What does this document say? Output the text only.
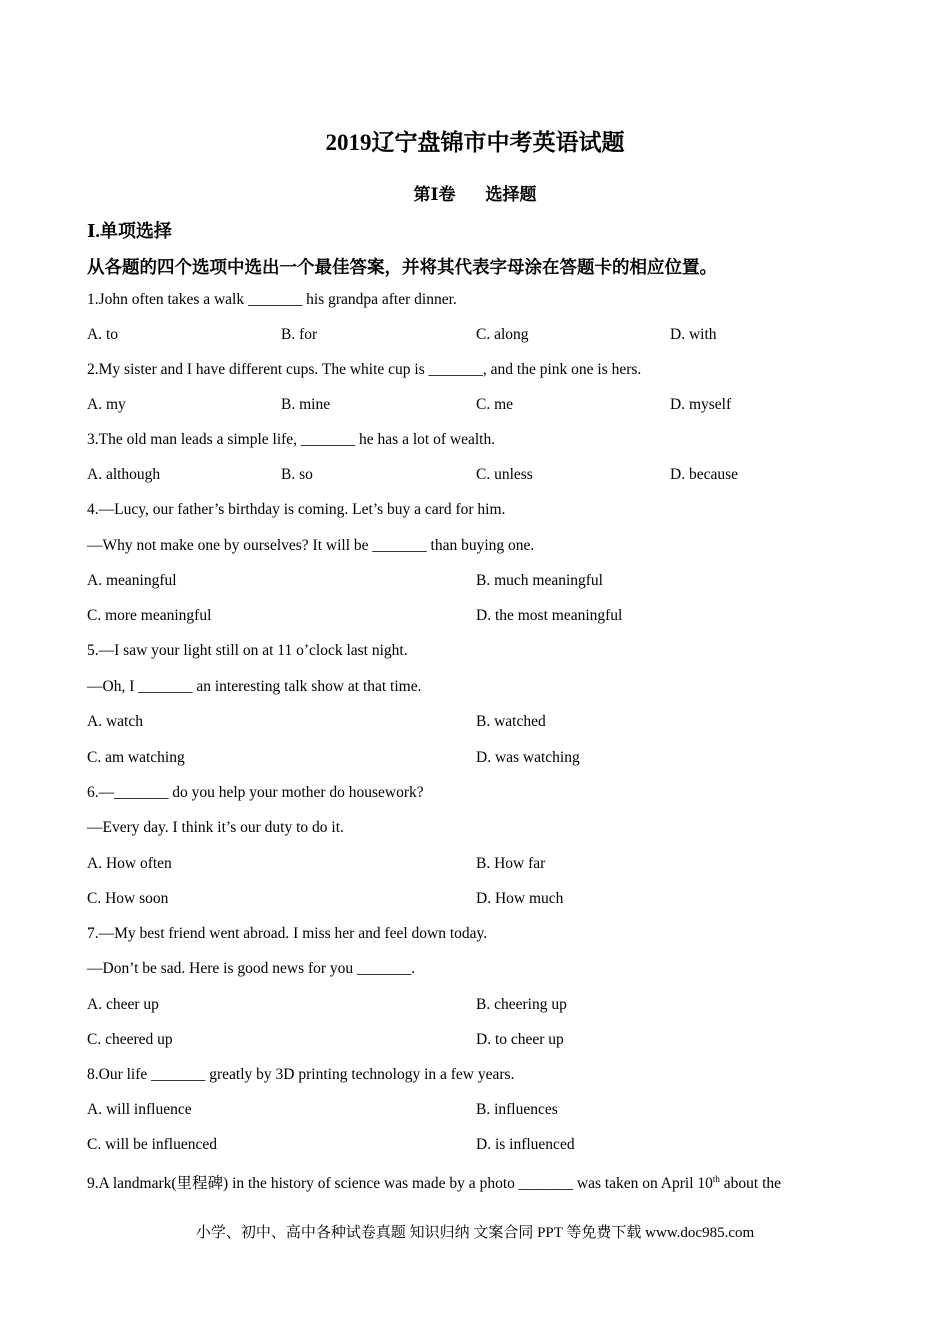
2019辽宁盘锦市中考英语试题
第Ⅰ卷 选择题
Ⅰ.单项选择
从各题的四个选项中选出一个最佳答案，并将其代表字母涂在答题卡的相应位置。
1.John often takes a walk _______ his grandpa after dinner.
A. to	B. for	C. along	D. with
2.My sister and I have different cups. The white cup is _______, and the pink one is hers.
A. my	B. mine	C. me	D. myself
3.The old man leads a simple life, _______ he has a lot of wealth.
A. although	B. so	C. unless	D. because
4.—Lucy, our father’s birthday is coming. Let’s buy a card for him.
—Why not make one by ourselves? It will be _______ than buying one.
A. meaningful	B. much meaningful
C. more meaningful	D. the most meaningful
5.—I saw your light still on at 11 o’clock last night.
—Oh, I _______ an interesting talk show at that time.
A. watch	B. watched
C. am watching	D. was watching
6.—_______ do you help your mother do housework?
—Every day. I think it’s our duty to do it.
A. How often	B. How far
C. How soon	D. How much
7.—My best friend went abroad. I miss her and feel down today.
—Don’t be sad. Here is good news for you _______.
A. cheer up	B. cheering up
C. cheered up	D. to cheer up
8.Our life _______ greatly by 3D printing technology in a few years.
A. will influence	B. influences
C. will be influenced	D. is influenced
9.A landmark(里程碑) in the history of science was made by a photo _______ was taken on April 10th about the
小学、初中、高中各种试卷真题 知识归纳 文案合同 PPT 等免费下载 www.doc985.com
